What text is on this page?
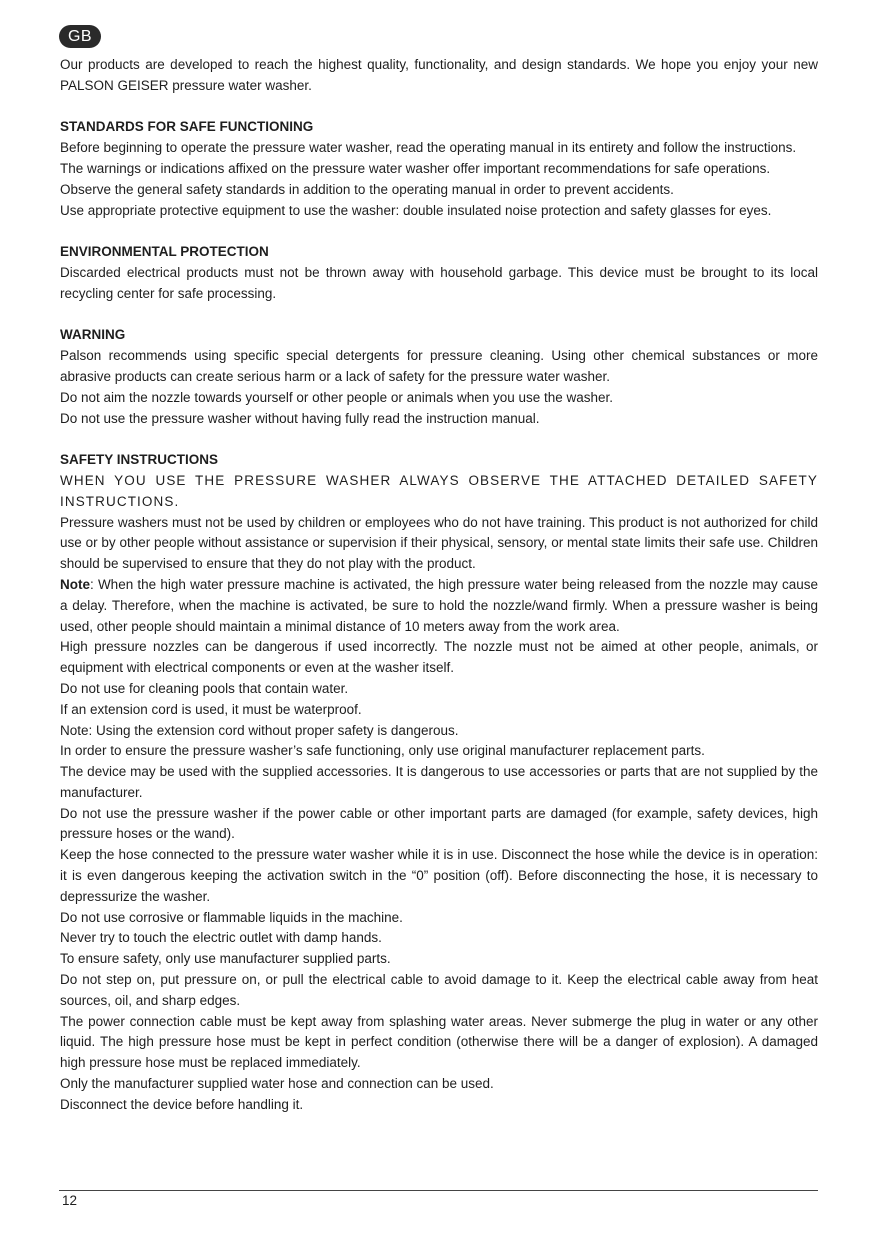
GB

Our products are developed to reach the highest quality, functionality, and design standards. We hope you enjoy your new PALSON GEISER pressure water washer.

STANDARDS FOR SAFE FUNCTIONING

Before beginning to operate the pressure water washer, read the operating manual in its entirety and follow the instructions.

The warnings or indications affixed on the pressure water washer offer important recommendations for safe operations.

Observe the general safety standards in addition to the operating manual in order to prevent accidents.

Use appropriate protective equipment to use the washer: double insulated noise protection and safety glasses for eyes.

ENVIRONMENTAL PROTECTION

Discarded electrical products must not be thrown away with household garbage. This device must be brought to its local recycling center for safe processing.

WARNING

Palson recommends using specific special detergents for pressure cleaning. Using other chemical substances or more abrasive products can create serious harm or a lack of safety for the pressure water washer.

Do not aim the nozzle towards yourself or other people or animals when you use the washer.

Do not use the pressure washer without having fully read the instruction manual.

SAFETY INSTRUCTIONS

WHEN YOU USE THE PRESSURE WASHER ALWAYS OBSERVE THE ATTACHED DETAILED SAFETY INSTRUCTIONS.

Pressure washers must not be used by children or employees who do not have training. This product is not authorized for child use or by other people without assistance or supervision if their physical, sensory, or mental state limits their safe use. Children should be supervised to ensure that they do not play with the product.

Note: When the high water pressure machine is activated, the high pressure water being released from the nozzle may cause a delay. Therefore, when the machine is activated, be sure to hold the nozzle/wand firmly. When a pressure washer is being used, other people should maintain a minimal distance of 10 meters away from the work area.

High pressure nozzles can be dangerous if used incorrectly. The nozzle must not be aimed at other people, animals, or equipment with electrical components or even at the washer itself.

Do not use for cleaning pools that contain water.

If an extension cord is used, it must be waterproof.

Note: Using the extension cord without proper safety is dangerous.

In order to ensure the pressure washer’s safe functioning, only use original manufacturer replacement parts.

The device may be used with the supplied accessories. It is dangerous to use accessories or parts that are not supplied by the manufacturer.

Do not use the pressure washer if the power cable or other important parts are damaged (for example, safety devices, high pressure hoses or the wand).

Keep the hose connected to the pressure water washer while it is in use. Disconnect the hose while the device is in operation: it is even dangerous keeping the activation switch in the “0” position (off). Before disconnecting the hose, it is necessary to depressurize the washer.

Do not use corrosive or flammable liquids in the machine.

Never try to touch the electric outlet with damp hands.

To ensure safety, only use manufacturer supplied parts.

Do not step on, put pressure on, or pull the electrical cable to avoid damage to it. Keep the electrical cable away from heat sources, oil, and sharp edges.

The power connection cable must be kept away from splashing water areas. Never submerge the plug in water or any other liquid. The high pressure hose must be kept in perfect condition (otherwise there will be a danger of explosion). A damaged high pressure hose must be replaced immediately.

Only the manufacturer supplied water hose and connection can be used.

Disconnect the device before handling it.

12
